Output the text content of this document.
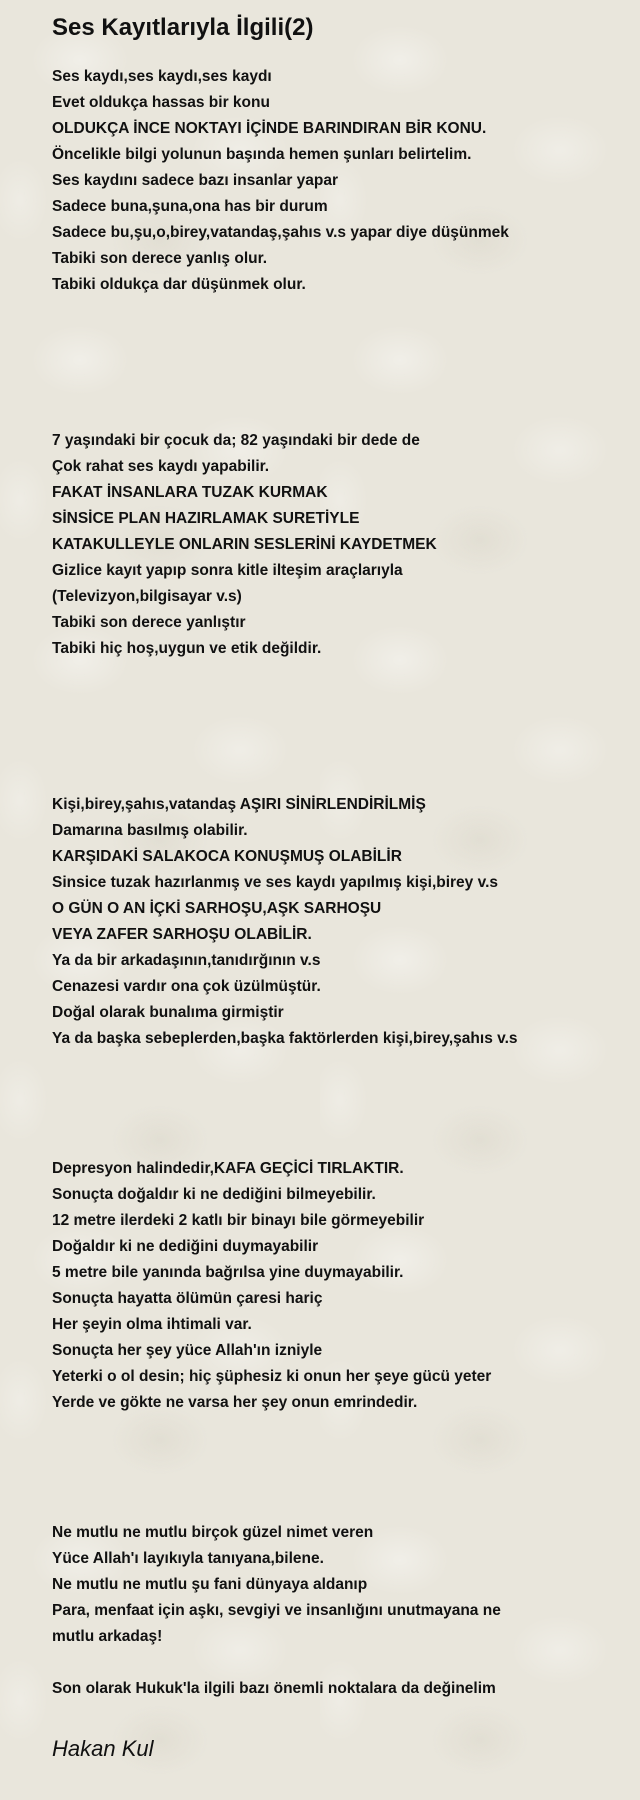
Ses Kayıtlarıyla İlgili(2)
Ses kaydı,ses kaydı,ses kaydı
Evet oldukça hassas bir konu
OLDUKÇA İNCE NOKTAYI İÇİNDE BARINDIRAN BİR KONU.
Öncelikle bilgi yolunun başında hemen şunları belirtelim.
Ses kaydını sadece bazı insanlar yapar
Sadece buna,şuna,ona has bir durum
Sadece bu,şu,o,birey,vatandaş,şahıs v.s yapar diye düşünmek
Tabiki son derece yanlış olur.
Tabiki oldukça dar düşünmek olur.
7 yaşındaki bir çocuk da; 82 yaşındaki bir dede de
Çok rahat ses kaydı yapabilir.
FAKAT İNSANLARA TUZAK KURMAK
SİNSİCE PLAN HAZIRLAMAK SURETİYLE
KATAKULLEYLE ONLARIN SESLERİNİ KAYDETMEK
Gizlice kayıt yapıp sonra kitle ilteşim araçlarıyla
(Televizyon,bilgisayar v.s)
Tabiki son derece yanlıştır
Tabiki hiç hoş,uygun ve etik değildir.
Kişi,birey,şahıs,vatandaş AŞIRI SİNİRLENDİRİLMİŞ
Damarına basılmış olabilir.
KARŞIDAKİ SALAKOCA KONUŞMUŞ OLABİLİR
Sinsice tuzak hazırlanmış ve ses kaydı yapılmış kişi,birey v.s
O GÜN O AN İÇKİ SARHOŞU,AŞK SARHOŞU
VEYA ZAFER SARHOŞU OLABİLİR.
Ya da bir arkadaşının,tanıdırğının v.s
Cenazesi vardır ona çok üzülmüştür.
Doğal olarak bunalıma girmiştir
Ya da başka sebeplerden,başka faktörlerden kişi,birey,şahıs v.s
Depresyon halindedir,KAFA GEÇİCİ TIRLAKTIR.
Sonuçta doğaldır ki ne dediğini bilmeyebilir.
12 metre ilerdeki 2 katlı bir binayı bile görmeyebilir
Doğaldır ki ne dediğini duymayabilir
5 metre bile yanında bağrılsa yine duymayabilir.
Sonuçta hayatta ölümün çaresi hariç
Her şeyin olma ihtimali var.
Sonuçta her şey yüce Allah'ın izniyle
Yeterki o ol desin; hiç şüphesiz ki onun her şeye gücü yeter
Yerde ve gökte ne varsa her şey onun emrindedir.
Ne mutlu ne mutlu birçok güzel nimet veren
Yüce Allah'ı layıkıyla tanıyana,bilene.
Ne mutlu ne mutlu şu fani dünyaya aldanıp
Para, menfaat için aşkı, sevgiyi ve insanlığını unutmayana ne
mutlu arkadaş!
Son olarak Hukuk'la ilgili bazı önemli noktalara da değinelim

Hakan Kul
